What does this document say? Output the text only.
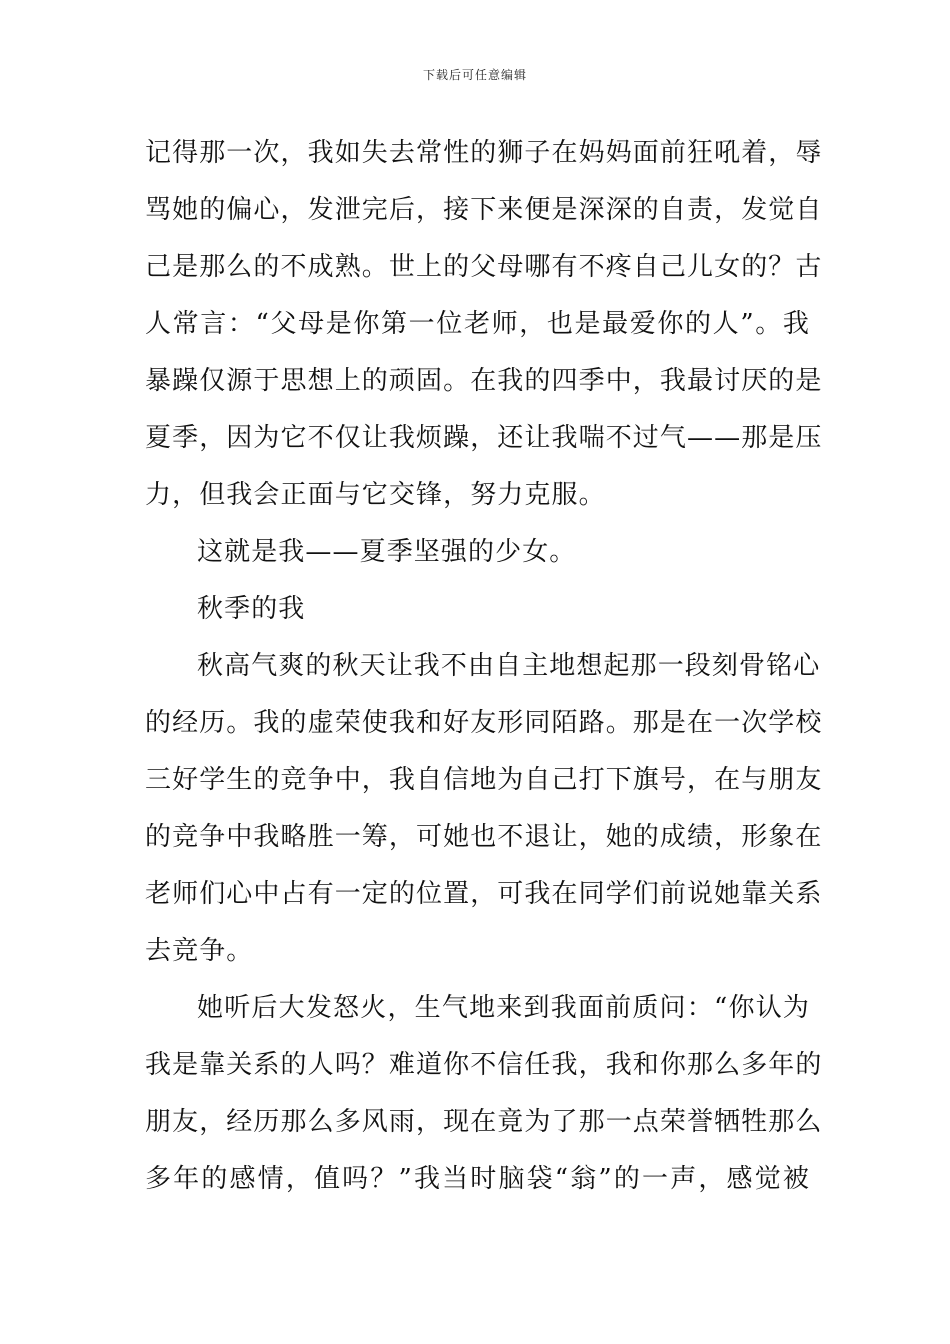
下载后可任意编辑
记得那一次，我如失去常性的狮子在妈妈面前狂吼着，辱
骂她的偏心，发泄完后，接下来便是深深的自责，发觉自
己是那么的不成熟。世上的父母哪有不疼自己儿女的？古
人常言：“父母是你第一位老师，也是最爱你的人”。我
暴躁仅源于思想上的顽固。在我的四季中，我最讨厌的是
夏季，因为它不仅让我烦躁，还让我喘不过气——那是压
力，但我会正面与它交锋，努力克服。
这就是我——夏季坚强的少女。
秋季的我
秋高气爽的秋天让我不由自主地想起那一段刻骨铭心
的经历。我的虚荣使我和好友形同陌路。那是在一次学校
三好学生的竞争中，我自信地为自己打下旗号，在与朋友
的竞争中我略胜一筹，可她也不退让，她的成绩，形象在
老师们心中占有一定的位置，可我在同学们前说她靠关系
去竞争。
她听后大发怒火，生气地来到我面前质问：“你认为
我是靠关系的人吗？难道你不信任我，我和你那么多年的
朋友，经历那么多风雨，现在竟为了那一点荣誉牺牲那么
多年的感情，值吗？”我当时脑袋“翁”的一声，感觉被
